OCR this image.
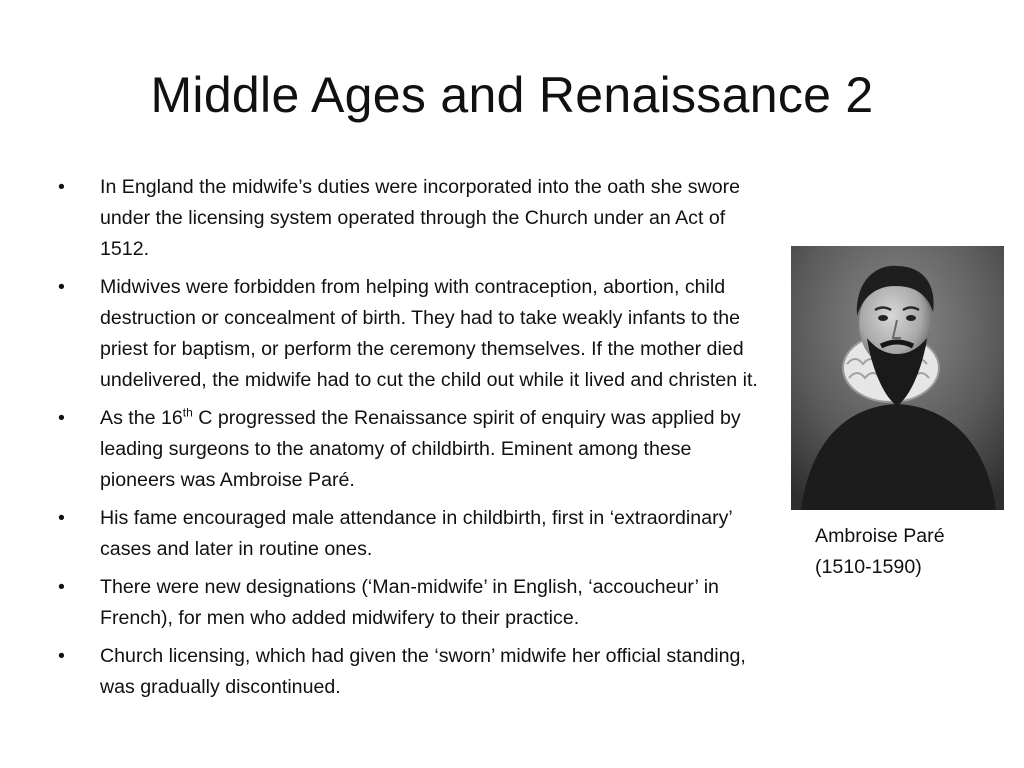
Middle Ages and Renaissance 2
•	In England the midwife’s duties were incorporated into the oath she swore under the licensing system operated through the Church under an Act of 1512.
•	Midwives were forbidden from helping with contraception, abortion, child destruction or concealment of birth. They had to take weakly infants to the priest for baptism, or perform the ceremony themselves. If the mother died undelivered, the midwife had to cut the child out while it lived and christen it.
•	As the 16th C progressed the Renaissance spirit of enquiry was applied by leading surgeons to the anatomy of childbirth. Eminent among these pioneers was Ambroise Paré.
•	His fame encouraged male attendance in childbirth, first in ‘extraordinary’ cases and later in routine ones.
•	There were new designations (‘Man-midwife’ in English, ‘accoucheur’ in French), for men who added midwifery to their practice.
•	Church licensing, which had given the ‘sworn’ midwife her official standing, was gradually discontinued.
Ambroise Paré
(1510-1590)
